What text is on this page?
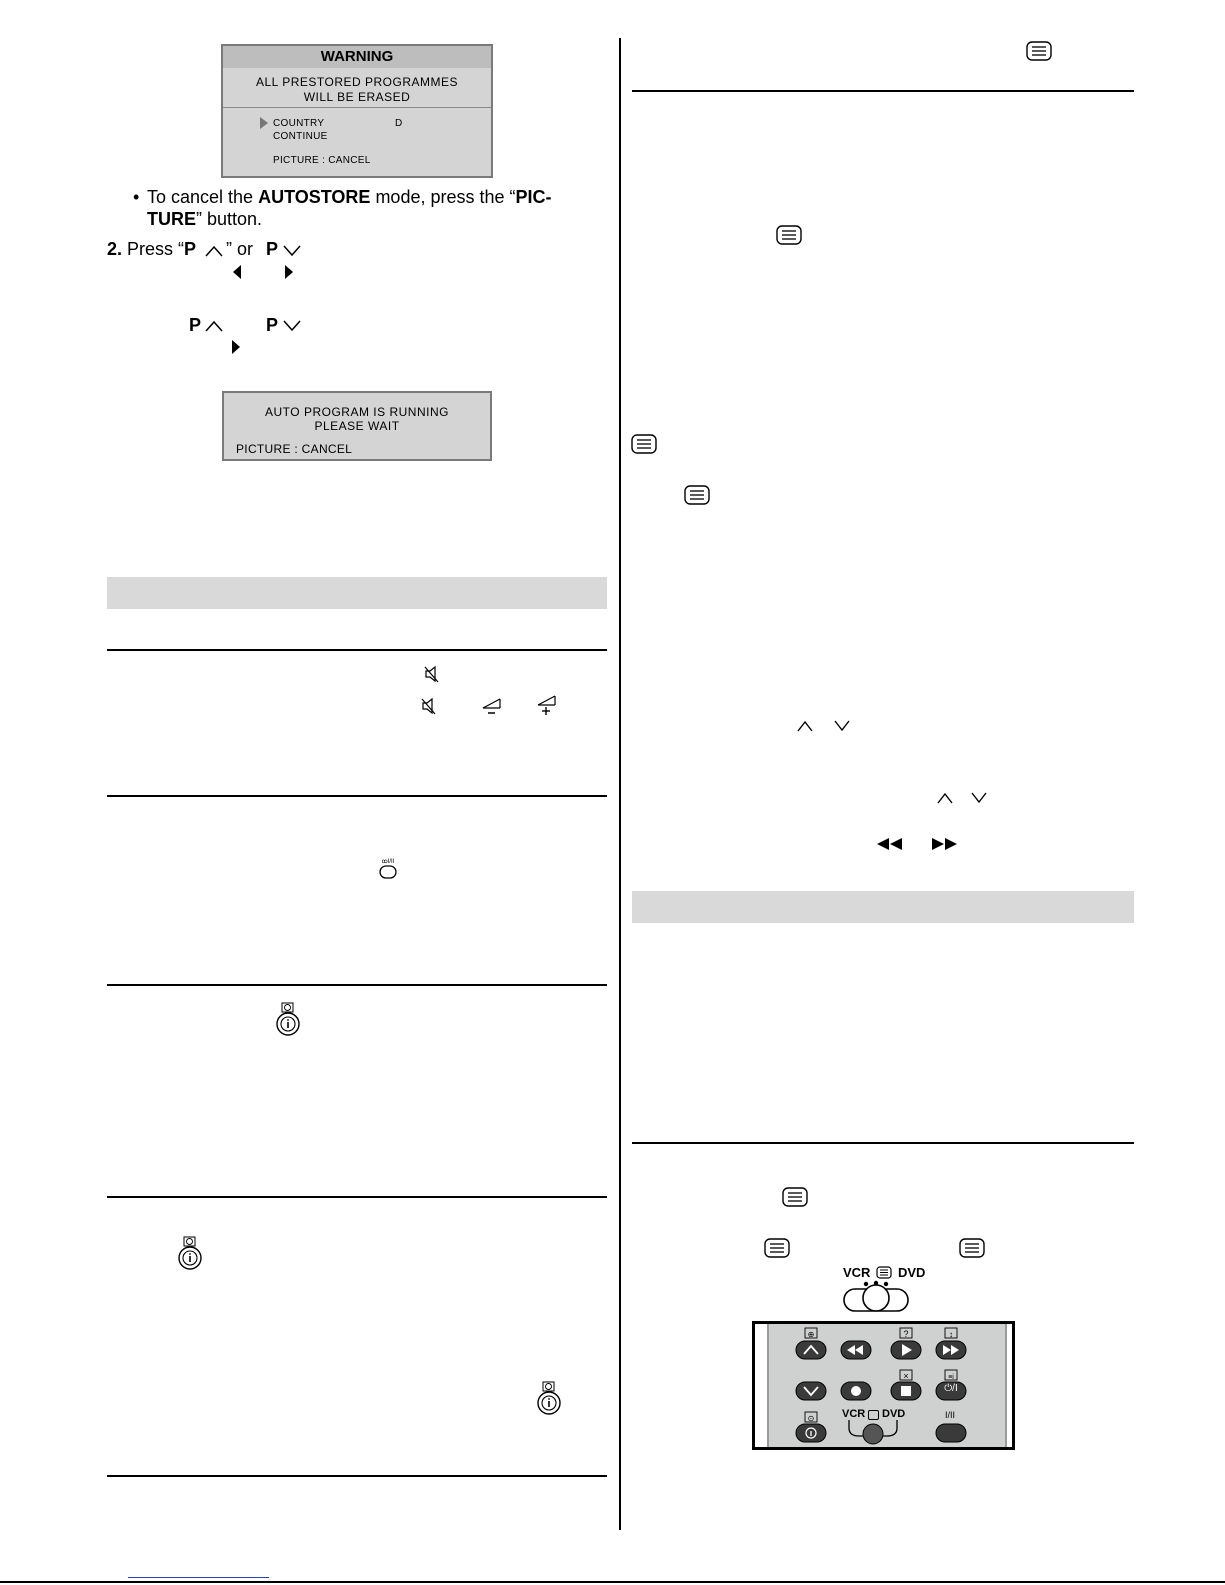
WARNING
ALL PRESTORED PROGRAMMES
WILL BE ERASED
COUNTRY	D
CONTINUE
PICTURE : CANCEL
• To cancel the AUTOSTORE mode, press the “PIC-
TURE” button.
2. Press “P ” or P
P	P
AUTO PROGRAM IS RUNNING
PLEASE WAIT
PICTURE : CANCEL
ꝏI/II
VCR DVD
?	↕
×
⊕
⊙
≡i
⏻/I
VCR DVD	I/II
